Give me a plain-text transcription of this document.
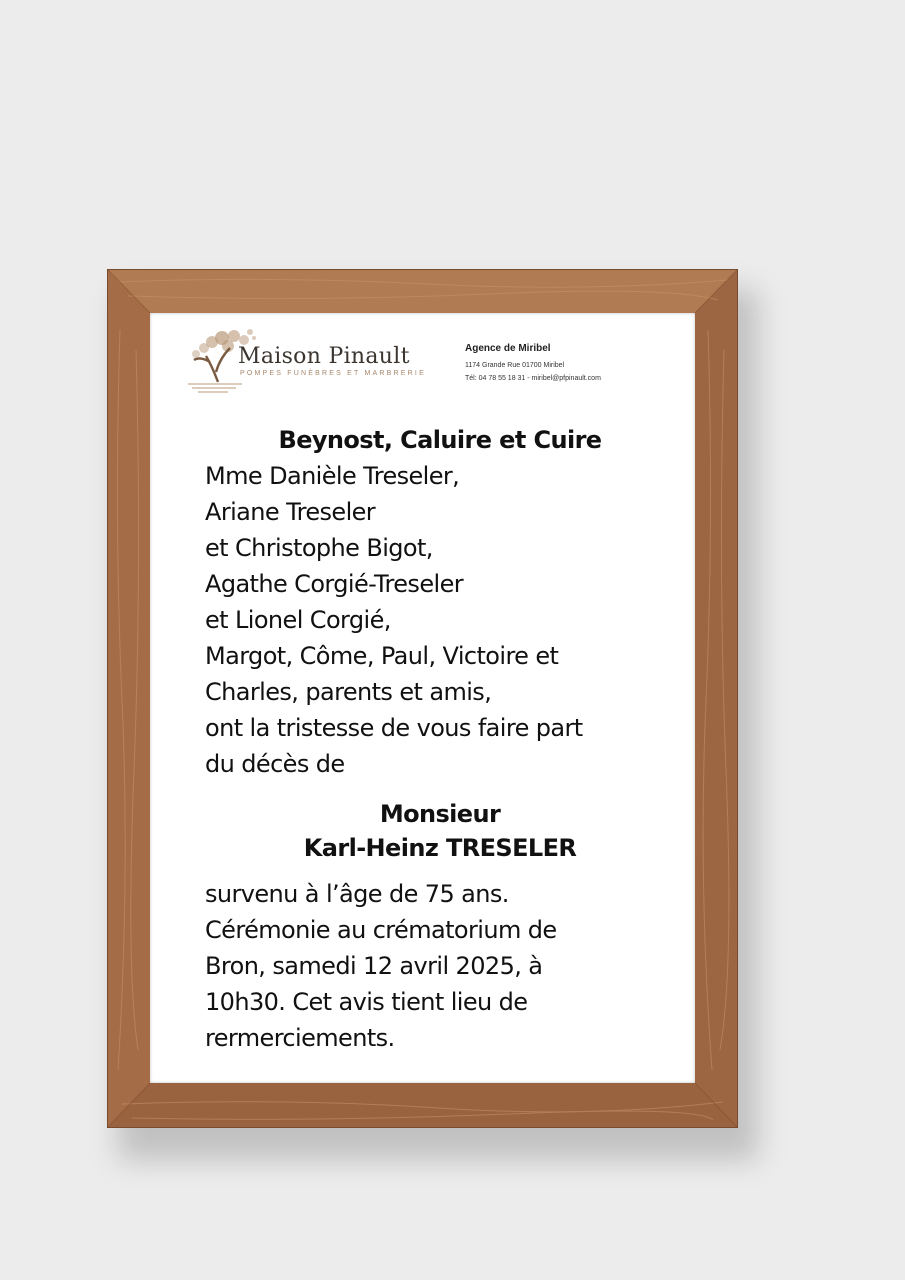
Maison Pinault
POMPES FUNÈBRES ET MARBRERIE
Agence de Miribel
1174 Grande Rue 01700 Miribel
Tél: 04 78 55 18 31 - miribel@pfpinault.com
Beynost, Caluire et Cuire
Mme Danièle Treseler,
Ariane Treseler
et Christophe Bigot,
Agathe Corgié-Treseler
et Lionel Corgié,
Margot, Côme, Paul, Victoire et
Charles, parents et amis,
ont la tristesse de vous faire part
du décès de
Monsieur
Karl-Heinz TRESELER
survenu à l’âge de 75 ans.
Cérémonie au crématorium de
Bron, samedi 12 avril 2025, à
10h30. Cet avis tient lieu de
rermerciements.
